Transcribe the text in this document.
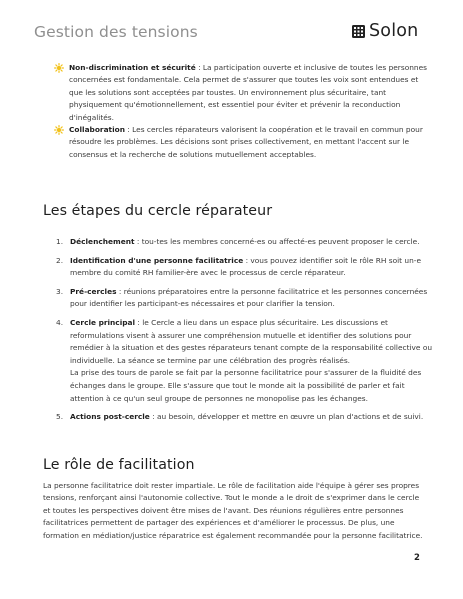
Gestion des tensions	Solon
Non-discrimination et sécurité : La participation ouverte et inclusive de toutes les personnes concernées est fondamentale. Cela permet de s'assurer que toutes les voix sont entendues et que les solutions sont acceptées par toustes. Un environnement plus sécuritaire, tant physiquement qu'émotionnellement, est essentiel pour éviter et prévenir la reconduction d'inégalités.
Collaboration : Les cercles réparateurs valorisent la coopération et le travail en commun pour résoudre les problèmes. Les décisions sont prises collectivement, en mettant l'accent sur le consensus et la recherche de solutions mutuellement acceptables.
Les étapes du cercle réparateur
1. Déclenchement : tou-tes les membres concerné-es ou affecté-es peuvent proposer le cercle.
2. Identification d'une personne facilitatrice : vous pouvez identifier soit le rôle RH soit un-e membre du comité RH familier-ère avec le processus de cercle réparateur.
3. Pré-cercles : réunions préparatoires entre la personne facilitatrice et les personnes concernées pour identifier les participant-es nécessaires et pour clarifier la tension.
4. Cercle principal : le Cercle a lieu dans un espace plus sécuritaire. Les discussions et reformulations visent à assurer une compréhension mutuelle et identifier des solutions pour remédier à la situation et des gestes réparateurs tenant compte de la responsabilité collective ou individuelle. La séance se termine par une célébration des progrès réalisés.
La prise des tours de parole se fait par la personne facilitatrice pour s'assurer de la fluidité des échanges dans le groupe. Elle s'assure que tout le monde ait la possibilité de parler et fait attention à ce qu'un seul groupe de personnes ne monopolise pas les échanges.
5. Actions post-cercle : au besoin, développer et mettre en œuvre un plan d'actions et de suivi.
Le rôle de facilitation
La personne facilitatrice doit rester impartiale. Le rôle de facilitation aide l'équipe à gérer ses propres tensions, renforçant ainsi l'autonomie collective. Tout le monde a le droit de s'exprimer dans le cercle et toutes les perspectives doivent être mises de l'avant. Des réunions régulières entre personnes facilitatrices permettent de partager des expériences et d'améliorer le processus. De plus, une formation en médiation/justice réparatrice est également recommandée pour la personne facilitatrice.
2
